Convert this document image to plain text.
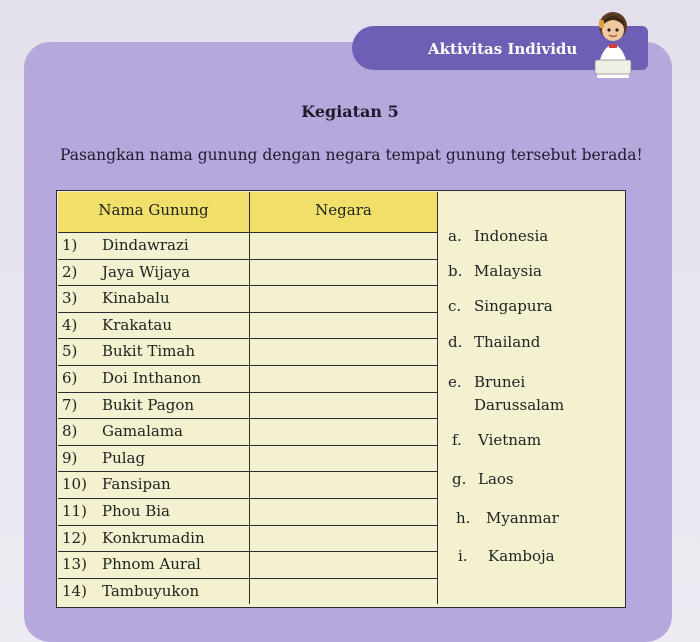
Aktivitas Individu
Kegiatan 5
Pasangkan nama gunung dengan negara tempat gunung tersebut berada!
Nama Gunung	Negara
1)	Dindawrazi
2)	Jaya Wijaya
3)	Kinabalu
4)	Krakatau
5)	Bukit Timah
6)	Doi Inthanon
7)	Bukit Pagon
8)	Gamalama
9)	Pulag
10)	Fansipan
11)	Phou Bia
12)	Konkrumadin
13)	Phnom Aural
14)	Tambuyukon
a. Indonesia
b. Malaysia
c. Singapura
d. Thailand
e. Brunei
Darussalam
f. Vietnam
g. Laos
h. Myanmar
i. Kamboja
